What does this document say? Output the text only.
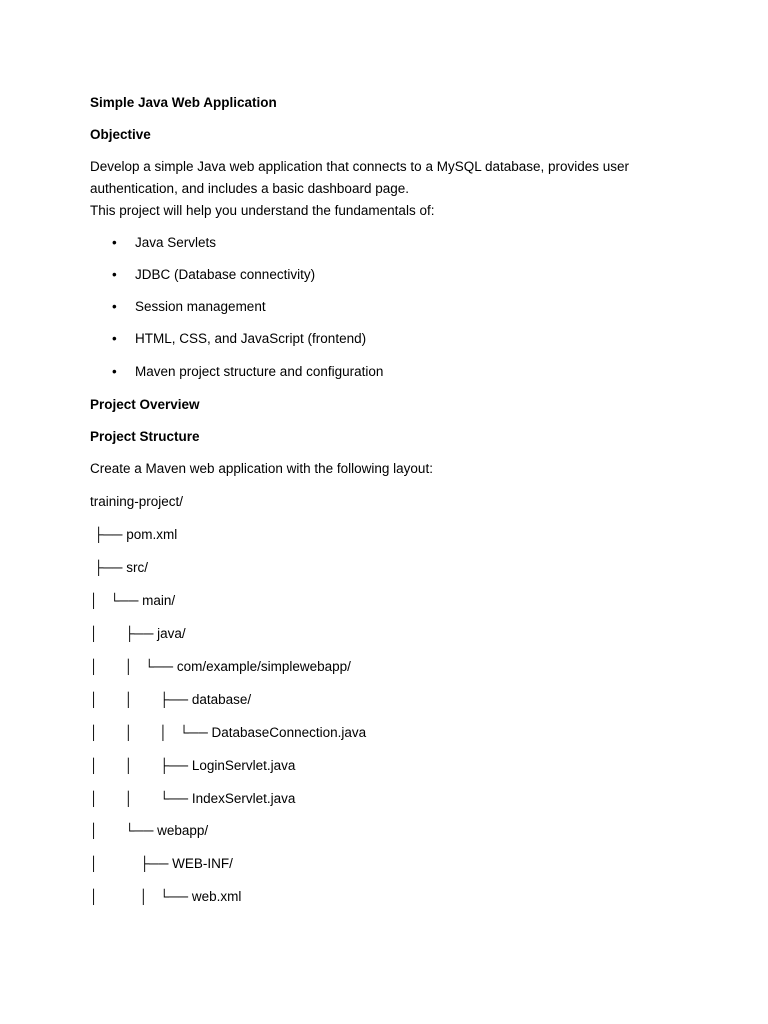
Simple Java Web Application

Objective

Develop a simple Java web application that connects to a MySQL database, provides user

authentication, and includes a basic dashboard page.

This project will help you understand the fundamentals of:

• Java Servlets

• JDBC (Database connectivity)

• Session management

• HTML, CSS, and JavaScript (frontend)

• Maven project structure and configuration

Project Overview

Project Structure

Create a Maven web application with the following layout:

training-project/

├── pom.xml

├── src/

│   └── main/

│       ├── java/

│       │   └── com/example/simplewebapp/

│       │       ├── database/

│       │       │   └── DatabaseConnection.java

│       │       ├── LoginServlet.java

│       │       └── IndexServlet.java

│       └── webapp/

│           ├── WEB-INF/

│           │   └── web.xml
